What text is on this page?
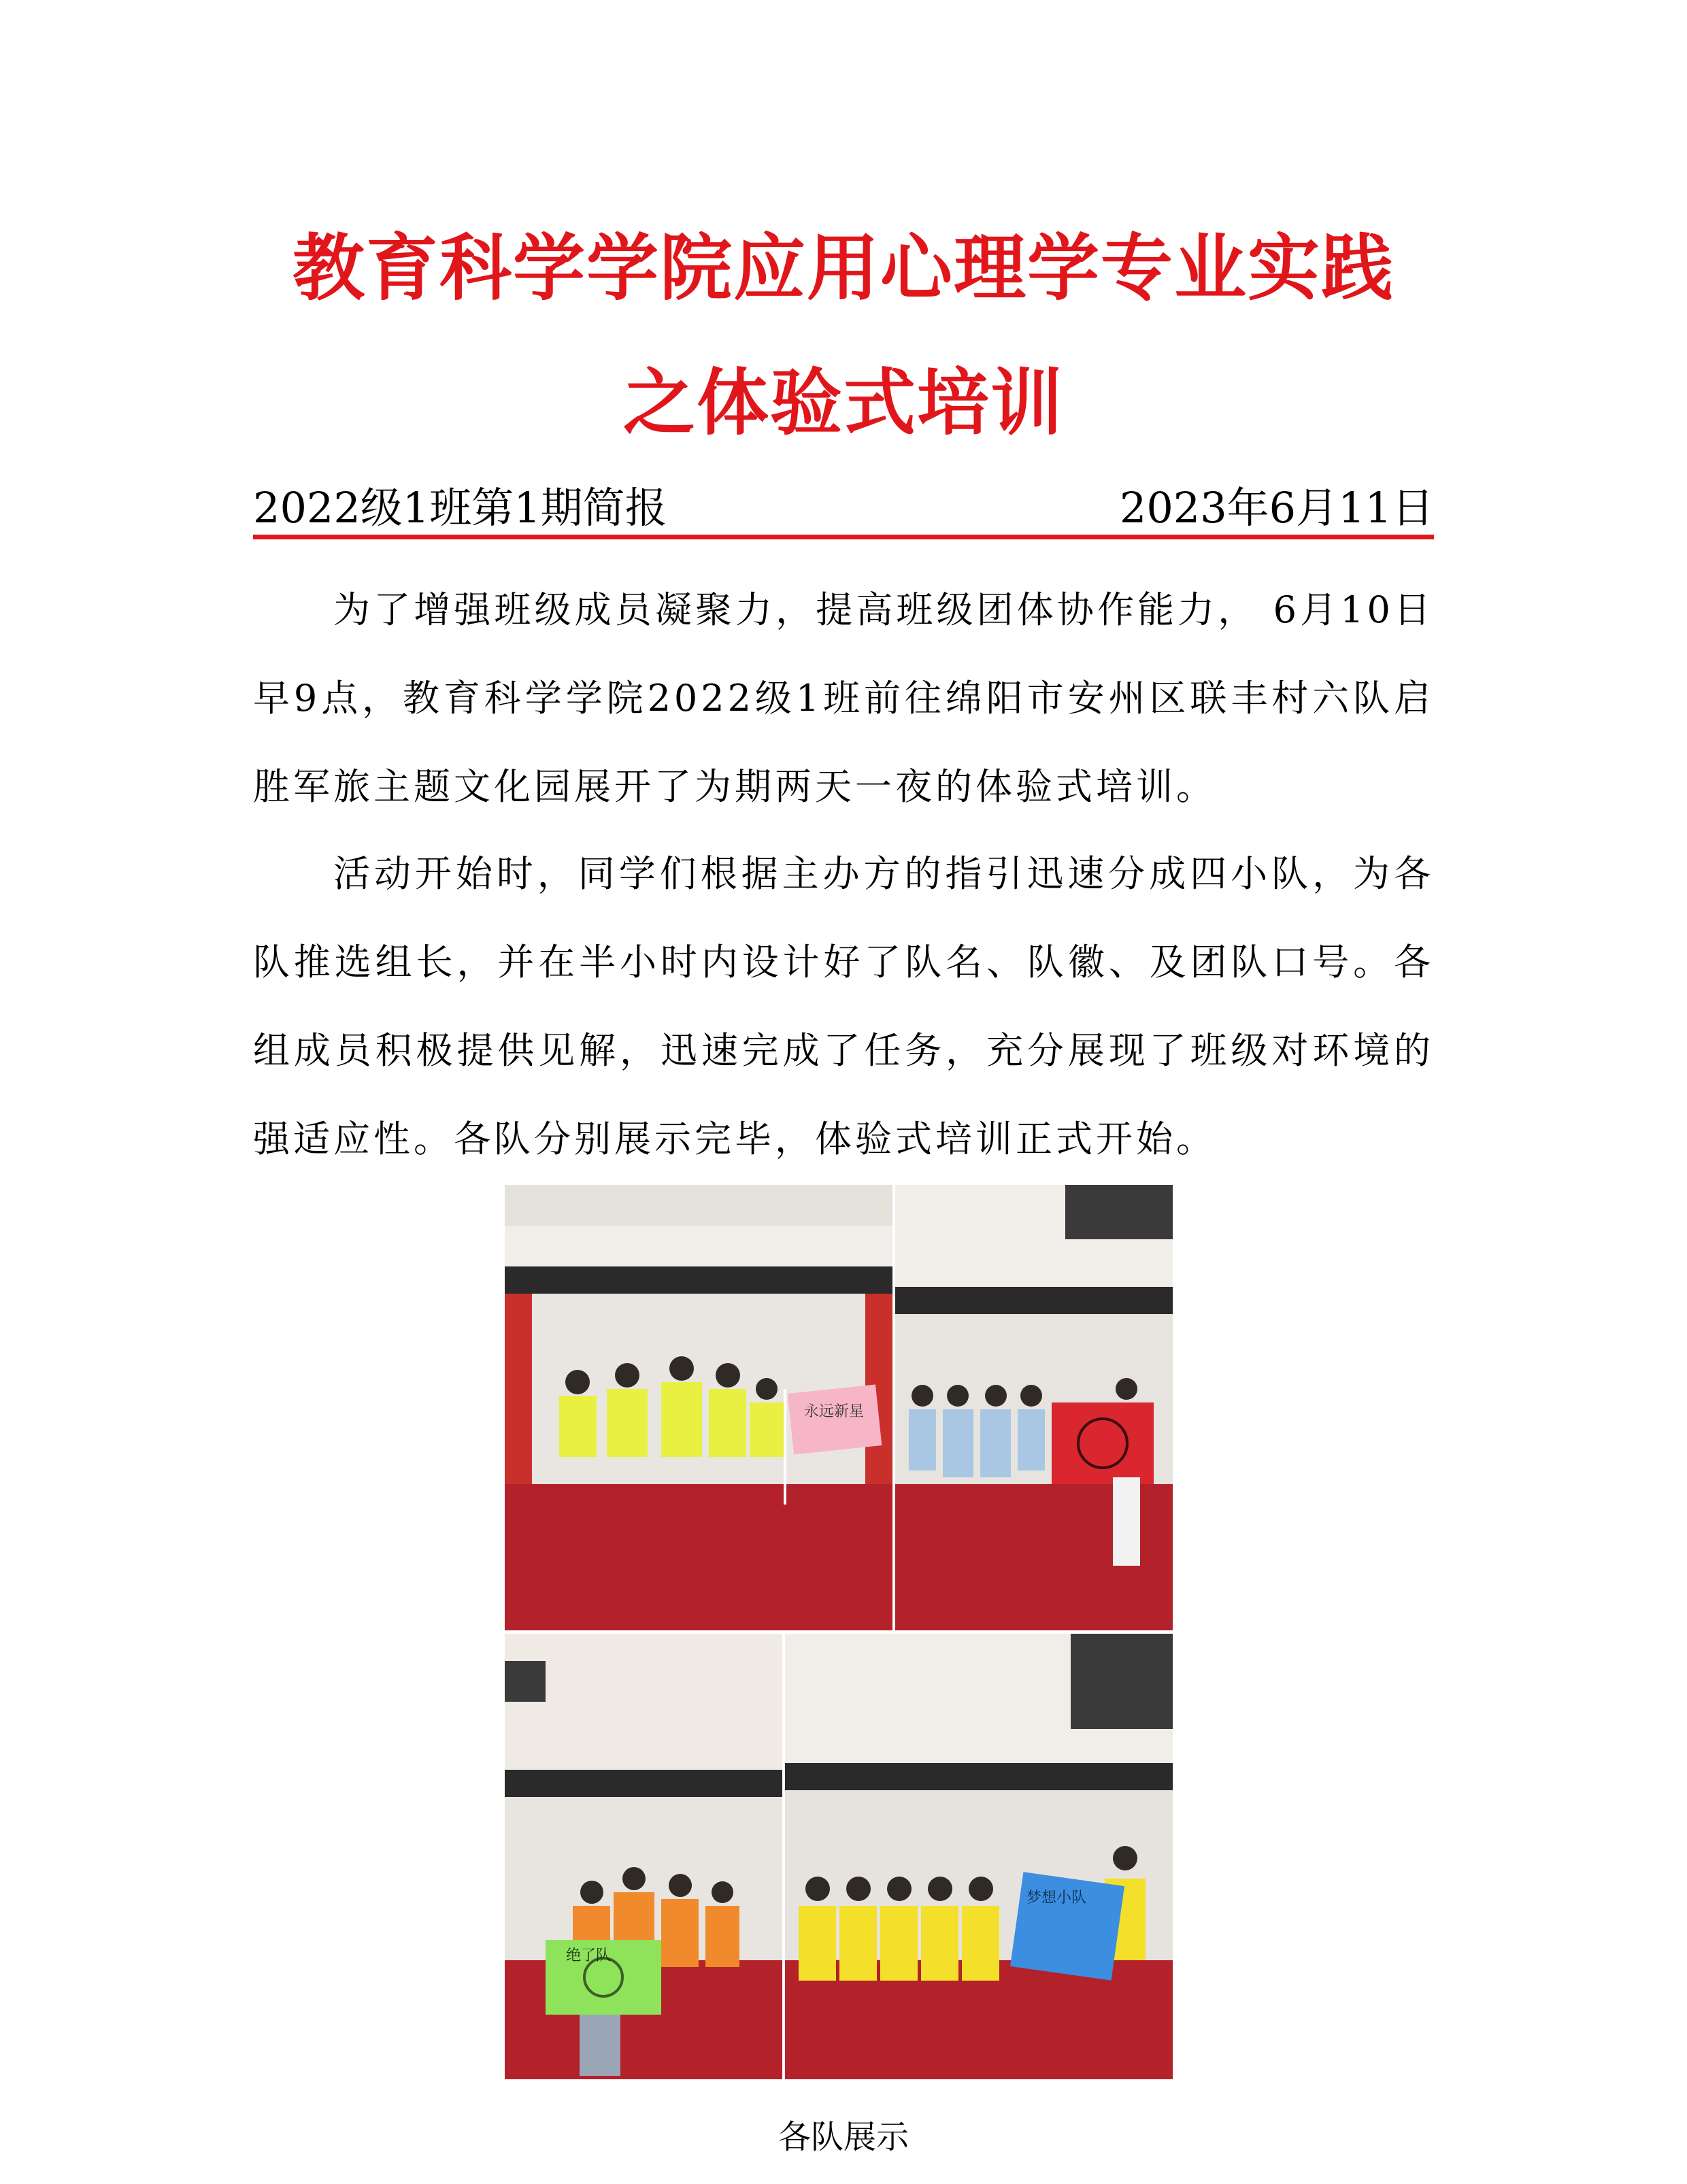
教育科学学院应用心理学专业实践
之体验式培训
2022级1班第1期简报	2023年6月11日

为了增强班级成员凝聚力，提高班级团体协作能力， 6月10日早9点，教育科学学院2022级1班前往绵阳市安州区联丰村六队启胜军旅主题文化园展开了为期两天一夜的体验式培训。

活动开始时，同学们根据主办方的指引迅速分成四小队，为各队推选组长，并在半小时内设计好了队名、队徽、及团队口号。各组成员积极提供见解，迅速完成了任务，充分展现了班级对环境的强适应性。各队分别展示完毕，体验式培训正式开始。

永远新星
绝了队
梦想小队
各队展示
